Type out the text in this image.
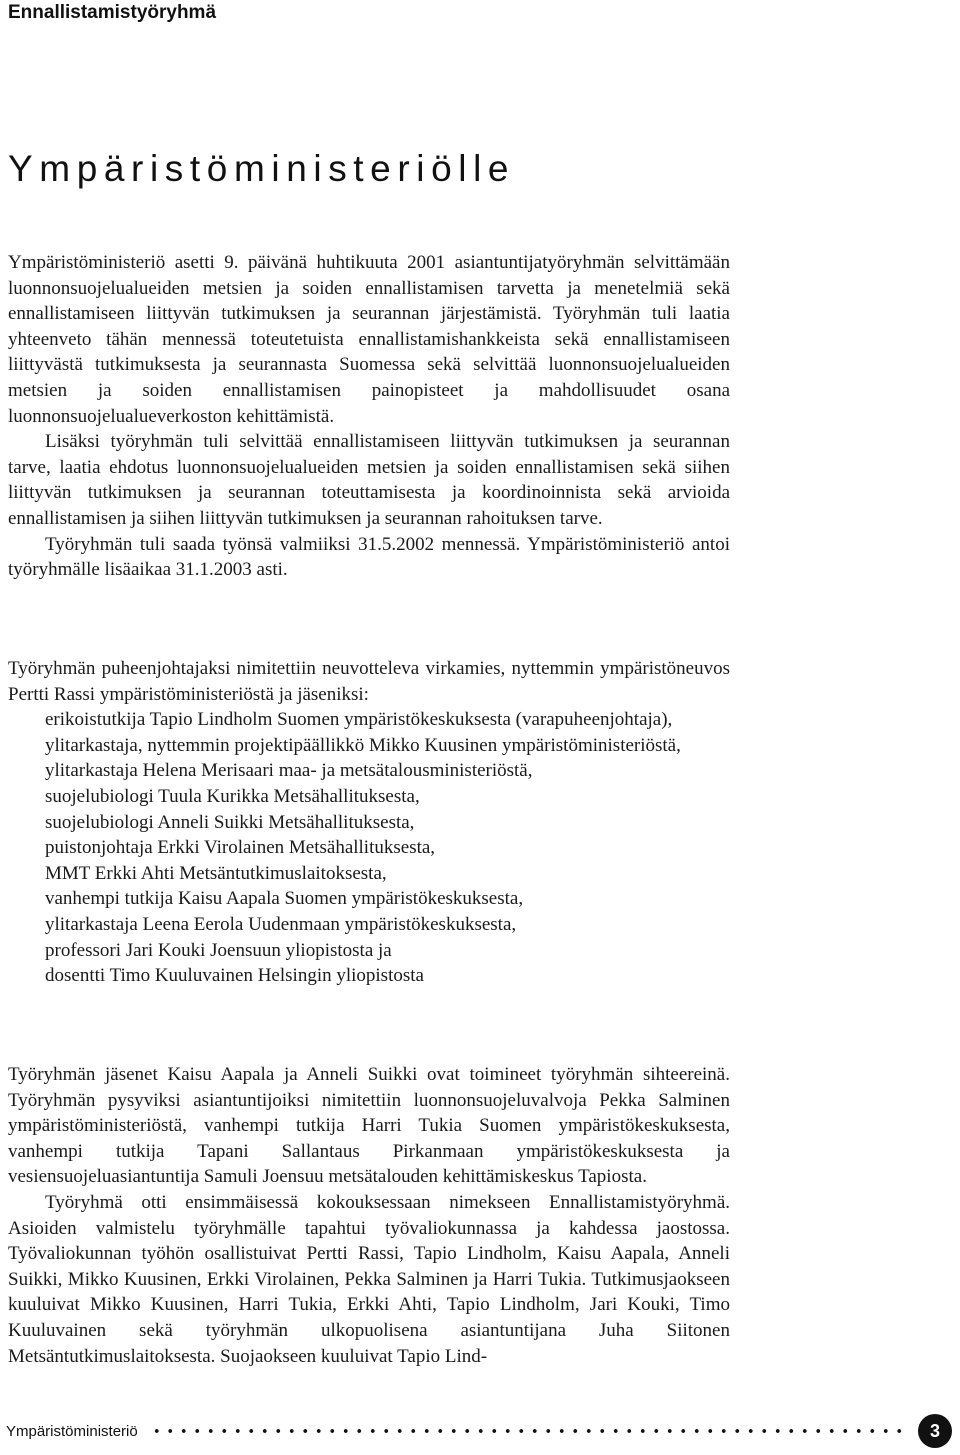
Ennallistamistyöryhmä
Ympäristöministeriölle

Ympäristöministeriö asetti 9. päivänä huhtikuuta 2001 asiantuntijatyöryhmän selvittämään luonnonsuojelualueiden metsien ja soiden ennallistamisen tarvetta ja menetelmiä sekä ennallistamiseen liittyvän tutkimuksen ja seurannan järjestämistä. Työryhmän tuli laatia yhteenveto tähän mennessä toteutetuista ennallistamishankkeista sekä ennallistamiseen liittyvästä tutkimuksesta ja seurannasta Suomessa sekä selvittää luonnonsuojelualueiden metsien ja soiden ennallistamisen painopisteet ja mahdollisuudet osana luonnonsuojelualueverkoston kehittämistä.

Lisäksi työryhmän tuli selvittää ennallistamiseen liittyvän tutkimuksen ja seurannan tarve, laatia ehdotus luonnonsuojelualueiden metsien ja soiden ennallistamisen sekä siihen liittyvän tutkimuksen ja seurannan toteuttamisesta ja koordinoinnista sekä arvioida ennallistamisen ja siihen liittyvän tutkimuksen ja seurannan rahoituksen tarve.

Työryhmän tuli saada työnsä valmiiksi 31.5.2002 mennessä. Ympäristöministeriö antoi työryhmälle lisäaikaa 31.1.2003 asti.

Työryhmän puheenjohtajaksi nimitettiin neuvotteleva virkamies, nyttemmin ympäristöneuvos Pertti Rassi ympäristöministeriöstä ja jäseniksi:

erikoistutkija Tapio Lindholm Suomen ympäristökeskuksesta (varapuheenjohtaja),
ylitarkastaja, nyttemmin projektipäällikkö Mikko Kuusinen ympäristöministeriöstä,
ylitarkastaja Helena Merisaari maa- ja metsätalousministeriöstä,
suojelubiologi Tuula Kurikka Metsähallituksesta,
suojelubiologi Anneli Suikki Metsähallituksesta,
puistonjohtaja Erkki Virolainen Metsähallituksesta,
MMT Erkki Ahti Metsäntutkimuslaitoksesta,
vanhempi tutkija Kaisu Aapala Suomen ympäristökeskuksesta,
ylitarkastaja Leena Eerola Uudenmaan ympäristökeskuksesta,
professori Jari Kouki Joensuun yliopistosta ja
dosentti Timo Kuuluvainen Helsingin yliopistosta

Työryhmän jäsenet Kaisu Aapala ja Anneli Suikki ovat toimineet työryhmän sihteereinä. Työryhmän pysyviksi asiantuntijoiksi nimitettiin luonnonsuojeluvalvoja Pekka Salminen ympäristöministeriöstä, vanhempi tutkija Harri Tukia Suomen ympäristökeskuksesta, vanhempi tutkija Tapani Sallantaus Pirkanmaan ympäristökeskuksesta ja vesiensuojeluasiantuntija Samuli Joensuu metsätalouden kehittämiskeskus Tapiosta.

Työryhmä otti ensimmäisessä kokouksessaan nimekseen Ennallistamistyöryhmä. Asioiden valmistelu työryhmälle tapahtui työvaliokunnassa ja kahdessa jaostossa. Työvaliokunnan työhön osallistuivat Pertti Rassi, Tapio Lindholm, Kaisu Aapala, Anneli Suikki, Mikko Kuusinen, Erkki Virolainen, Pekka Salminen ja Harri Tukia. Tutkimusjaokseen kuuluivat Mikko Kuusinen, Harri Tukia, Erkki Ahti, Tapio Lindholm, Jari Kouki, Timo Kuuluvainen sekä työryhmän ulkopuolisena asiantuntijana Juha Siitonen Metsäntutkimuslaitoksesta. Suojaokseen kuuluivat Tapio Lind-

Ympäristöministeriö	3
